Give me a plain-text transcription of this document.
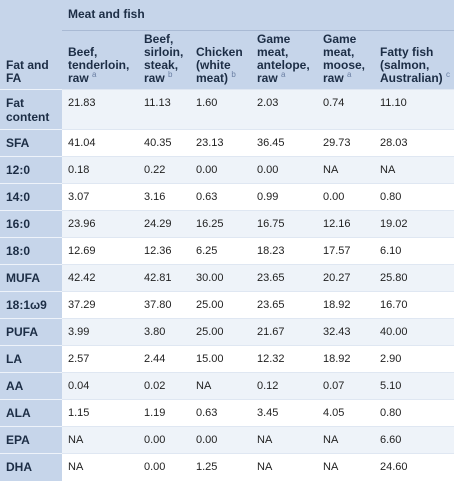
	Meat and fish					
Fat and FA	Beef, tenderloin, raw $^a$	Beef, sirloin, steak, raw $^b$	Chicken (white meat) $^b$	Game meat, antelope, raw $^a$	Game meat, moose, raw $^a$	Fatty fish (salmon, Australian) $^c$
Fat content	21.83	11.13	1.60	2.03	0.74	11.10
SFA	41.04	40.35	23.13	36.45	29.73	28.03
12:0	0.18	0.22	0.00	0.00	NA	NA
14:0	3.07	3.16	0.63	0.99	0.00	0.80
16:0	23.96	24.29	16.25	16.75	12.16	19.02
18:0	12.69	12.36	6.25	18.23	17.57	6.10
MUFA	42.42	42.81	30.00	23.65	20.27	25.80
18:1ω9	37.29	37.80	25.00	23.65	18.92	16.70
PUFA	3.99	3.80	25.00	21.67	32.43	40.00
LA	2.57	2.44	15.00	12.32	18.92	2.90
AA	0.04	0.02	NA	0.12	0.07	5.10
ALA	1.15	1.19	0.63	3.45	4.05	0.80
EPA	NA	0.00	0.00	NA	NA	6.60
DHA	NA	0.00	1.25	NA	NA	24.60
